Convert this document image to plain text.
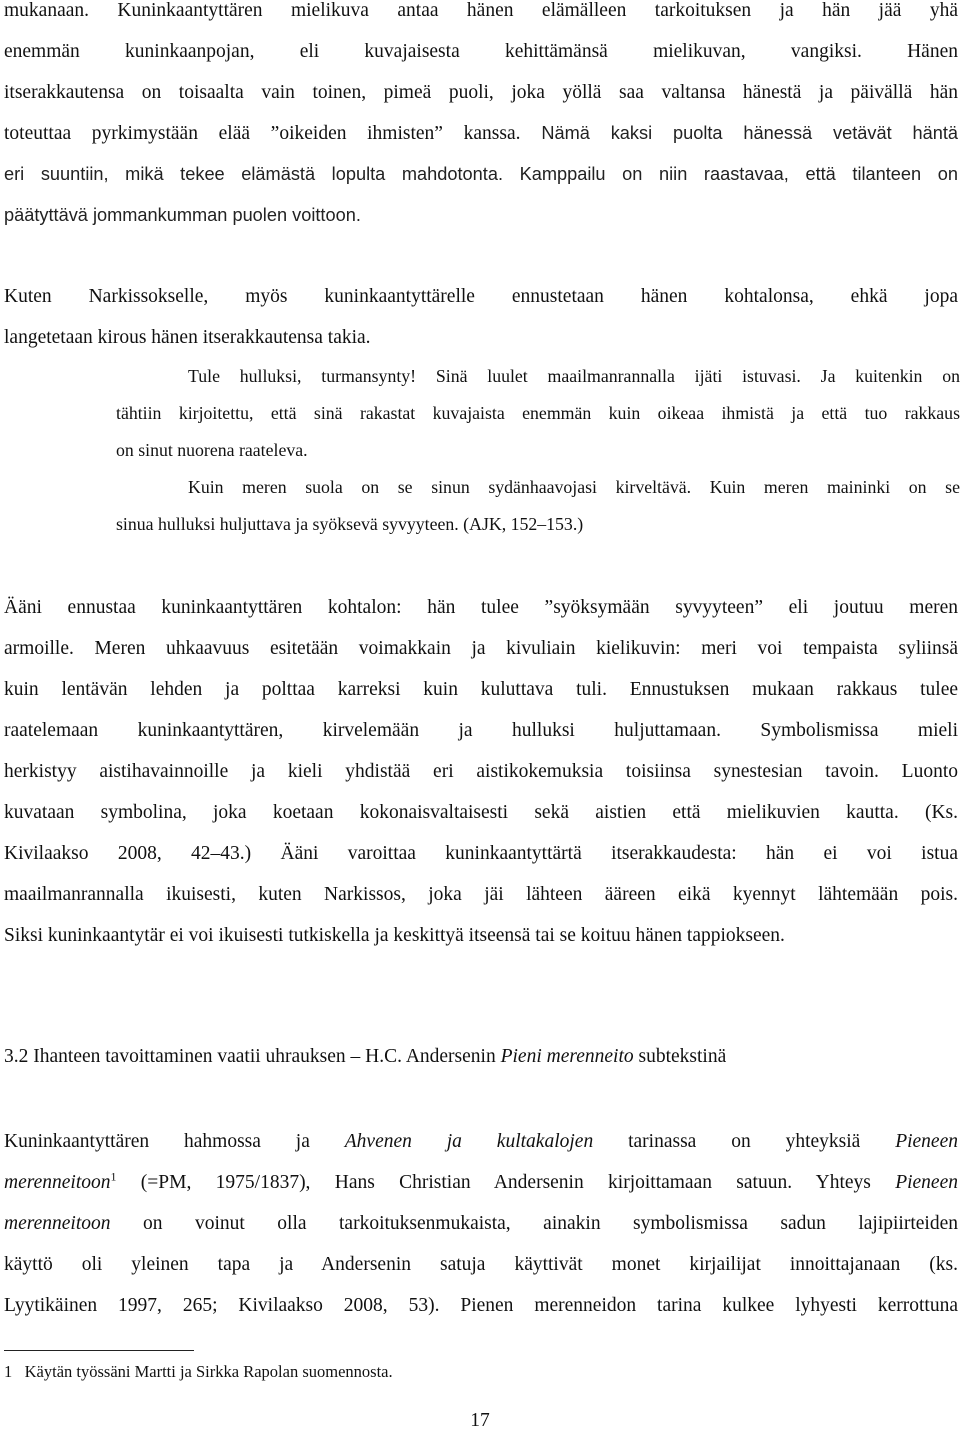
mukanaan. Kuninkaantyttären mielikuva antaa hänen elämälleen tarkoituksen ja hän jää yhä
enemmän kuninkaanpojan, eli kuvajaisesta kehittämänsä mielikuvan, vangiksi. Hänen
itserakkautensa on toisaalta vain toinen, pimeä puoli, joka yöllä saa valtansa hänestä ja päivällä hän
toteuttaa pyrkimystään elää ”oikeiden ihmisten” kanssa. Nämä kaksi puolta hänessä vetävät häntä
eri suuntiin, mikä tekee elämästä lopulta mahdotonta. Kamppailu on niin raastavaa, että tilanteen on
päätyttävä jommankumman puolen voittoon.
Kuten Narkissokselle, myös kuninkaantyttärelle ennustetaan hänen kohtalonsa, ehkä jopa
langetetaan kirous hänen itserakkautensa takia.
Tule hulluksi, turmansynty! Sinä luulet maailmanrannalla ijäti istuvasi. Ja kuitenkin on
tähtiin kirjoitettu, että sinä rakastat kuvajaista enemmän kuin oikeaa ihmistä ja että tuo rakkaus
on sinut nuorena raateleva.
Kuin meren suola on se sinun sydänhaavojasi kirveltävä. Kuin meren maininki on se
sinua hulluksi huljuttava ja syöksevä syvyyteen. (AJK, 152–153.)
Ääni ennustaa kuninkaantyttären kohtalon: hän tulee ”syöksymään syvyyteen” eli joutuu meren
armoille. Meren uhkaavuus esitetään voimakkain ja kivuliain kielikuvin: meri voi tempaista syliinsä
kuin lentävän lehden ja polttaa karreksi kuin kuluttava tuli. Ennustuksen mukaan rakkaus tulee
raatelemaan kuninkaantyttären, kirvelemään ja hulluksi huljuttamaan. Symbolismissa mieli
herkistyy aistihavainnoille ja kieli yhdistää eri aistikokemuksia toisiinsa synestesian tavoin. Luonto
kuvataan symbolina, joka koetaan kokonaisvaltaisesti sekä aistien että mielikuvien kautta. (Ks.
Kivilaakso 2008, 42–43.) Ääni varoittaa kuninkaantyttärtä itserakkaudesta: hän ei voi istua
maailmanrannalla ikuisesti, kuten Narkissos, joka jäi lähteen ääreen eikä kyennyt lähtemään pois.
Siksi kuninkaantytär ei voi ikuisesti tutkiskella ja keskittyä itseensä tai se koituu hänen tappiokseen.

3.2 Ihanteen tavoittaminen vaatii uhrauksen – H.C. Andersenin Pieni merenneito subtekstinä

Kuninkaantyttären hahmossa ja Ahvenen ja kultakalojen tarinassa on yhteyksiä Pieneen
merenneitoon$^1$ (=PM, 1975/1837), Hans Christian Andersenin kirjoittamaan satuun. Yhteys Pieneen
merenneitoon on voinut olla tarkoituksenmukaista, ainakin symbolismissa sadun lajipiirteiden
käyttö oli yleinen tapa ja Andersenin satuja käyttivät monet kirjailijat innoittajanaan (ks.
Lyytikäinen 1997, 265; Kivilaakso 2008, 53). Pienen merenneidon tarina kulkee lyhyesti kerrottuna

1 Käytän työssäni Martti ja Sirkka Rapolan suomennosta.

17
